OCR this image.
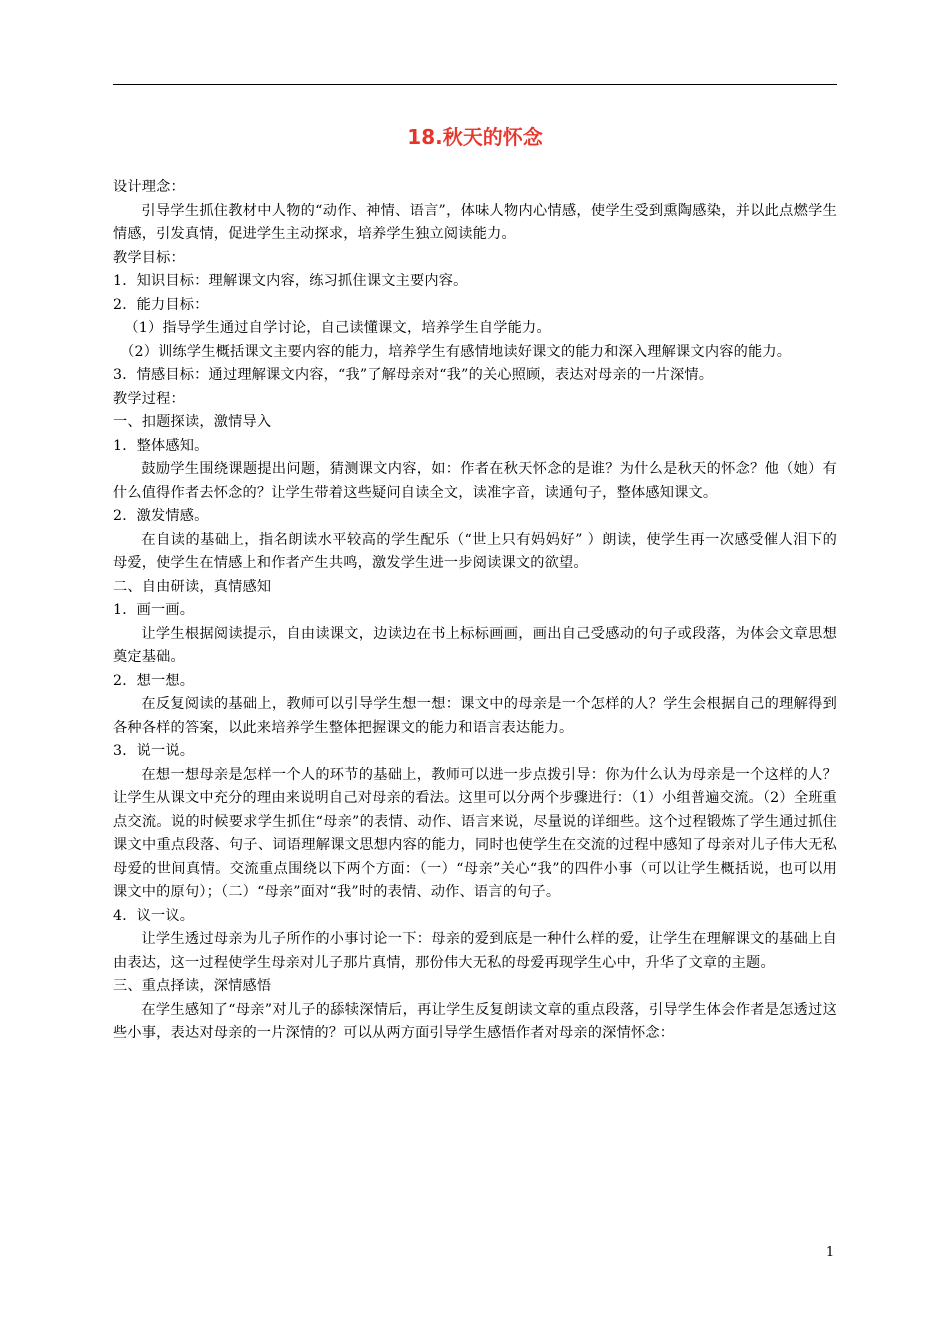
18.秋天的怀念

设计理念：

引导学生抓住教材中人物的“动作、神情、语言”，体味人物内心情感，使学生受到熏陶感染，并以此点燃学生情感，引发真情，促进学生主动探求，培养学生独立阅读能力。

教学目标：

1．知识目标：理解课文内容，练习抓住课文主要内容。

2．能力目标：

（1）指导学生通过自学讨论，自己读懂课文，培养学生自学能力。

（2）训练学生概括课文主要内容的能力，培养学生有感情地读好课文的能力和深入理解课文内容的能力。

3．情感目标：通过理解课文内容，“我”了解母亲对“我”的关心照顾，表达对母亲的一片深情。

教学过程：

一、扣题探读，激情导入

1．整体感知。

鼓励学生围绕课题提出问题，猜测课文内容，如：作者在秋天怀念的是谁？为什么是秋天的怀念？他（她）有什么值得作者去怀念的？让学生带着这些疑问自读全文，读准字音，读通句子，整体感知课文。

2．激发情感。

在自读的基础上，指名朗读水平较高的学生配乐（“世上只有妈妈好” ）朗读，使学生再一次感受催人泪下的母爱，使学生在情感上和作者产生共鸣，激发学生进一步阅读课文的欲望。

二、自由研读，真情感知

1．画一画。

让学生根据阅读提示，自由读课文，边读边在书上标标画画，画出自己受感动的句子或段落，为体会文章思想奠定基础。

2．想一想。

在反复阅读的基础上，教师可以引导学生想一想：课文中的母亲是一个怎样的人？学生会根据自己的理解得到各种各样的答案，以此来培养学生整体把握课文的能力和语言表达能力。

3．说一说。

在想一想母亲是怎样一个人的环节的基础上，教师可以进一步点拨引导：你为什么认为母亲是一个这样的人？让学生从课文中充分的理由来说明自己对母亲的看法。这里可以分两个步骤进行：（1）小组普遍交流。（2）全班重点交流。说的时候要求学生抓住“母亲”的表情、动作、语言来说，尽量说的详细些。这个过程锻炼了学生通过抓住课文中重点段落、句子、词语理解课文思想内容的能力，同时也使学生在交流的过程中感知了母亲对儿子伟大无私母爱的世间真情。交流重点围绕以下两个方面：（一）“母亲”关心“我”的四件小事（可以让学生概括说，也可以用课文中的原句）；（二）“母亲”面对“我”时的表情、动作、语言的句子。

4．议一议。

让学生透过母亲为儿子所作的小事讨论一下：母亲的爱到底是一种什么样的爱，让学生在理解课文的基础上自由表达，这一过程使学生母亲对儿子那片真情，那份伟大无私的母爱再现学生心中，升华了文章的主题。

三、重点择读，深情感悟

在学生感知了“母亲”对儿子的舔犊深情后，再让学生反复朗读文章的重点段落，引导学生体会作者是怎透过这些小事，表达对母亲的一片深情的？可以从两方面引导学生感悟作者对母亲的深情怀念：

1
